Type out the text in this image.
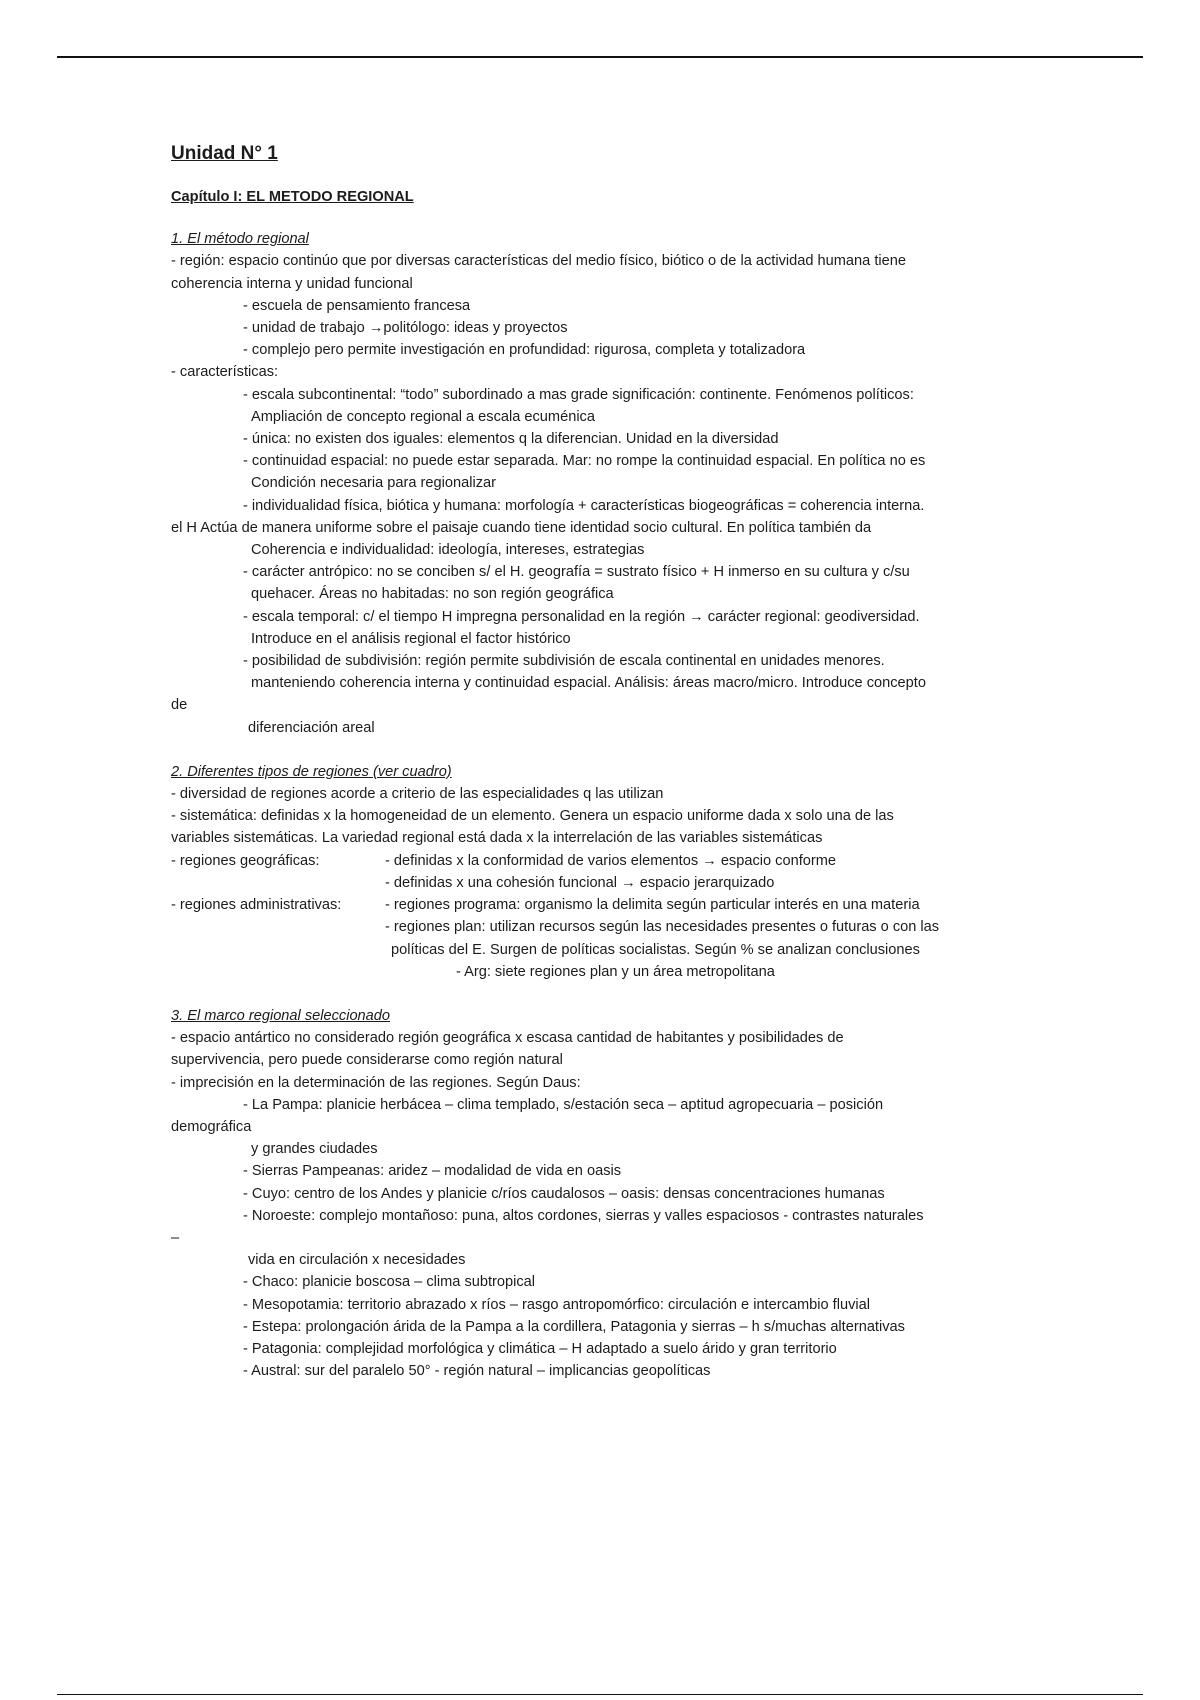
Unidad N° 1
Capítulo I: EL METODO REGIONAL
1. El método regional
- región: espacio continúo que por diversas características del medio físico, biótico o de la actividad humana tiene
coherencia interna y unidad funcional
- escuela de pensamiento francesa
- unidad de trabajo →politólogo: ideas y proyectos
- complejo pero permite investigación en profundidad: rigurosa, completa y totalizadora
- características:
- escala subcontinental: “todo” subordinado a mas grade significación: continente. Fenómenos políticos:
Ampliación de concepto regional a escala ecuménica
- única: no existen dos iguales: elementos q la diferencian. Unidad en la diversidad
- continuidad espacial: no puede estar separada. Mar: no rompe la continuidad espacial. En política no es
Condición necesaria para regionalizar
- individualidad física, biótica y humana: morfología + características biogeográficas = coherencia interna.
el H Actúa de manera uniforme sobre el paisaje cuando tiene identidad socio cultural. En política también da
Coherencia e individualidad: ideología, intereses, estrategias
- carácter antrópico: no se conciben s/ el H. geografía = sustrato físico + H inmerso en su cultura y c/su
quehacer. Áreas no habitadas: no son región geográfica
- escala temporal: c/ el tiempo H impregna personalidad en la región → carácter regional: geodiversidad.
Introduce en el análisis regional el factor histórico
- posibilidad de subdivisión: región permite subdivisión de escala continental en unidades menores.
manteniendo coherencia interna y continuidad espacial. Análisis: áreas macro/micro. Introduce concepto
de
diferenciación areal
2. Diferentes tipos de regiones (ver cuadro)
- diversidad de regiones acorde a criterio de las especialidades q las utilizan
- sistemática: definidas x la homogeneidad de un elemento. Genera un espacio uniforme dada x solo una de las
variables sistemáticas. La variedad regional está dada x la interrelación de las variables sistemáticas
- regiones geográficas:	- definidas x la conformidad de varios elementos → espacio conforme
- definidas x una cohesión funcional → espacio jerarquizado
- regiones administrativas:	- regiones programa: organismo la delimita según particular interés en una materia
- regiones plan: utilizan recursos según las necesidades presentes o futuras o con las
políticas del E. Surgen de políticas socialistas. Según % se analizan conclusiones
- Arg: siete regiones plan y un área metropolitana
3. El marco regional seleccionado
- espacio antártico no considerado región geográfica x escasa cantidad de habitantes y posibilidades de
supervivencia, pero puede considerarse como región natural
- imprecisión en la determinación de las regiones. Según Daus:
- La Pampa: planicie herbácea – clima templado, s/estación seca – aptitud agropecuaria – posición
demográfica
y grandes ciudades
- Sierras Pampeanas: aridez – modalidad de vida en oasis
- Cuyo: centro de los Andes y planicie c/ríos caudalosos – oasis: densas concentraciones humanas
- Noroeste: complejo montañoso: puna, altos cordones, sierras y valles espaciosos - contrastes naturales
–
vida en circulación x necesidades
- Chaco: planicie boscosa – clima subtropical
- Mesopotamia: territorio abrazado x ríos – rasgo antropomórfico: circulación e intercambio fluvial
- Estepa: prolongación árida de la Pampa a la cordillera, Patagonia y sierras – h s/muchas alternativas
- Patagonia: complejidad morfológica y climática – H adaptado a suelo árido y gran territorio
- Austral: sur del paralelo 50° - región natural – implicancias geopolíticas
